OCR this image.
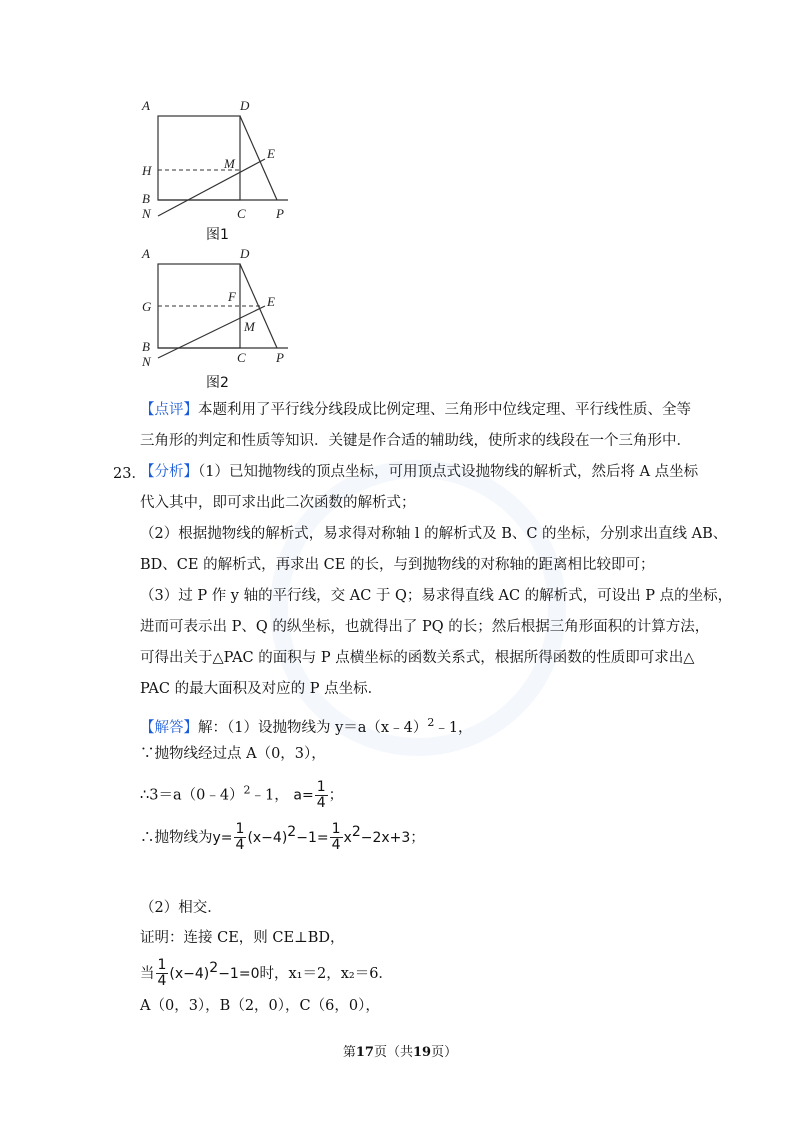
A	D
H	M
E
B
N	C P
图1
A	D
G
F E
M
B
N	C P
图2
【点评】本题利用了平行线分线段成比例定理、三角形中位线定理、平行线性质、全等
三角形的判定和性质等知识．关键是作合适的辅助线，使所求的线段在一个三角形中．
23．
【分析】（1）已知抛物线的顶点坐标，可用顶点式设抛物线的解析式，然后将 A 点坐标
代入其中，即可求出此二次函数的解析式；
（2）根据抛物线的解析式，易求得对称轴 l 的解析式及 B、C 的坐标，分别求出直线 AB、
BD、CE 的解析式，再求出 CE 的长，与到抛物线的对称轴的距离相比较即可；
（3）过 P 作 y 轴的平行线，交 AC 于 Q；易求得直线 AC 的解析式，可设出 P 点的坐标，
进而可表示出 P、Q 的纵坐标，也就得出了 PQ 的长；然后根据三角形面积的计算方法，
可得出关于△PAC 的面积与 P 点横坐标的函数关系式，根据所得函数的性质即可求出△
PAC 的最大面积及对应的 P 点坐标．
【解答】解：（1）设抛物线为 y＝a（x﹣4）$^2$﹣1，
∵抛物线经过点 A（0，3），
∴3＝a（0﹣4）$^2$﹣1， $a= \frac{1}{4}$ ；
∴抛物线为$y= \frac{1}{4} (x-4)^2-1= \frac{1}{4} x^2-2x+3$；
（2）相交．
证明：连接 CE，则 CE⊥BD，
当 $\frac{1}{4} (x-4)^2-1=0$时，x₁＝2，x₂＝6．
A（0，3），B（2，0），C（6，0），
第17页（共19页）
